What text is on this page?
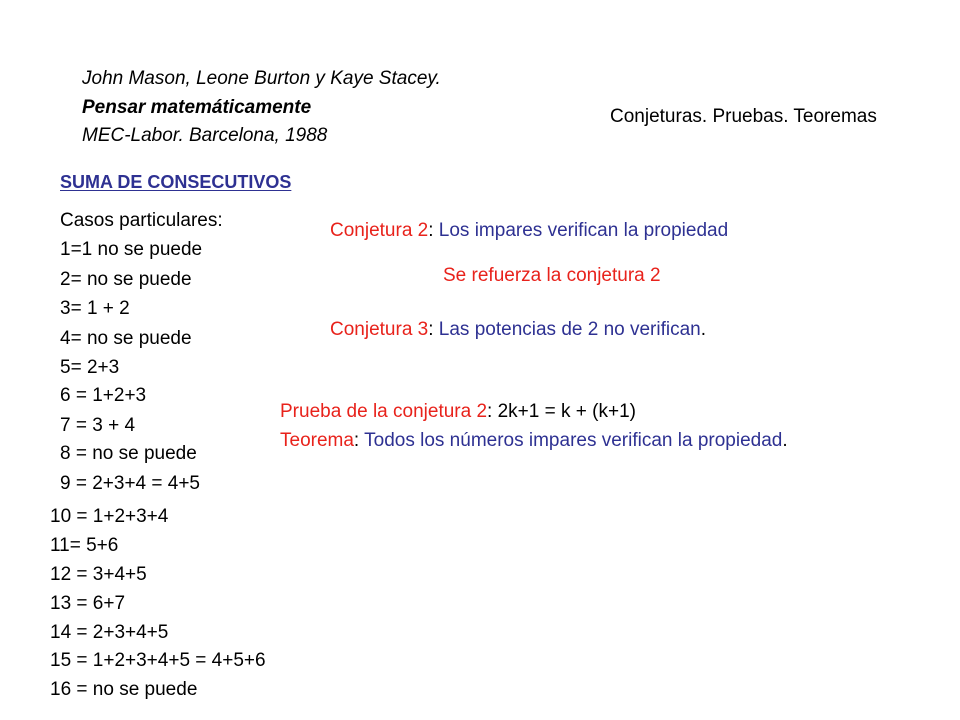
John Mason, Leone Burton y Kaye Stacey.
Pensar matemáticamente
MEC-Labor. Barcelona, 1988
Conjeturas. Pruebas. Teoremas
SUMA DE CONSECUTIVOS
Casos particulares:
1=1 no se puede
2= no se puede
3= 1 + 2
4= no se puede
5= 2+3
6 = 1+2+3
7 = 3 + 4
8 = no se puede
9 = 2+3+4 = 4+5
10 = 1+2+3+4
11= 5+6
12 = 3+4+5
13 = 6+7
14 = 2+3+4+5
15 = 1+2+3+4+5 = 4+5+6
16 = no se puede
Conjetura 2: Los impares verifican la propiedad
Se refuerza la conjetura 2
Conjetura 3: Las potencias de 2 no verifican.
Prueba de la conjetura 2: 2k+1 = k + (k+1)
Teorema: Todos los números impares verifican la propiedad.
